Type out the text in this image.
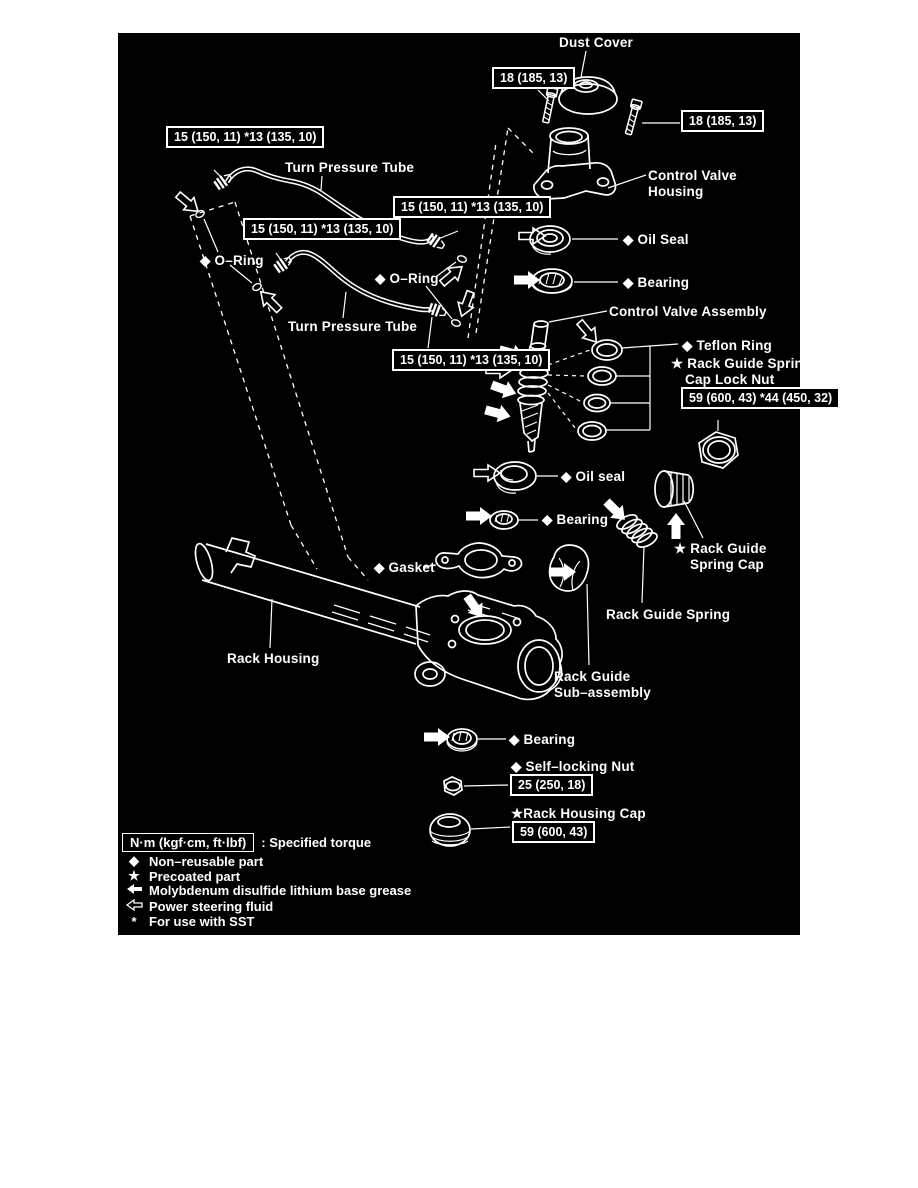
Dust Cover
Control Valve
Housing
Turn Pressure Tube
Turn Pressure Tube
◆ O–Ring
◆ O–Ring
◆ Oil Seal
◆ Bearing
Control Valve Assembly
◆ Teflon Ring
★ Rack Guide Spring
Cap Lock Nut
◆ Oil seal
◆ Bearing
★ Rack Guide
Spring Cap
Rack Guide Spring
◆ Gasket
Rack Housing
Rack Guide
Sub–assembly
◆ Bearing
◆ Self–locking Nut
★Rack Housing Cap
18 (185, 13)
18 (185, 13)
15 (150, 11) *13 (135, 10)
15 (150, 11) *13 (135, 10)
15 (150, 11) *13 (135, 10)
15 (150, 11) *13 (135, 10)
59 (600, 43) *44 (450, 32)
25 (250, 18)
59 (600, 43)
N·m (kgf·cm, ft·lbf)	: Specified torque
◆ Non–reusable part
★ Precoated part
Molybdenum disulfide lithium base grease
Power steering fluid
* For use with SST
